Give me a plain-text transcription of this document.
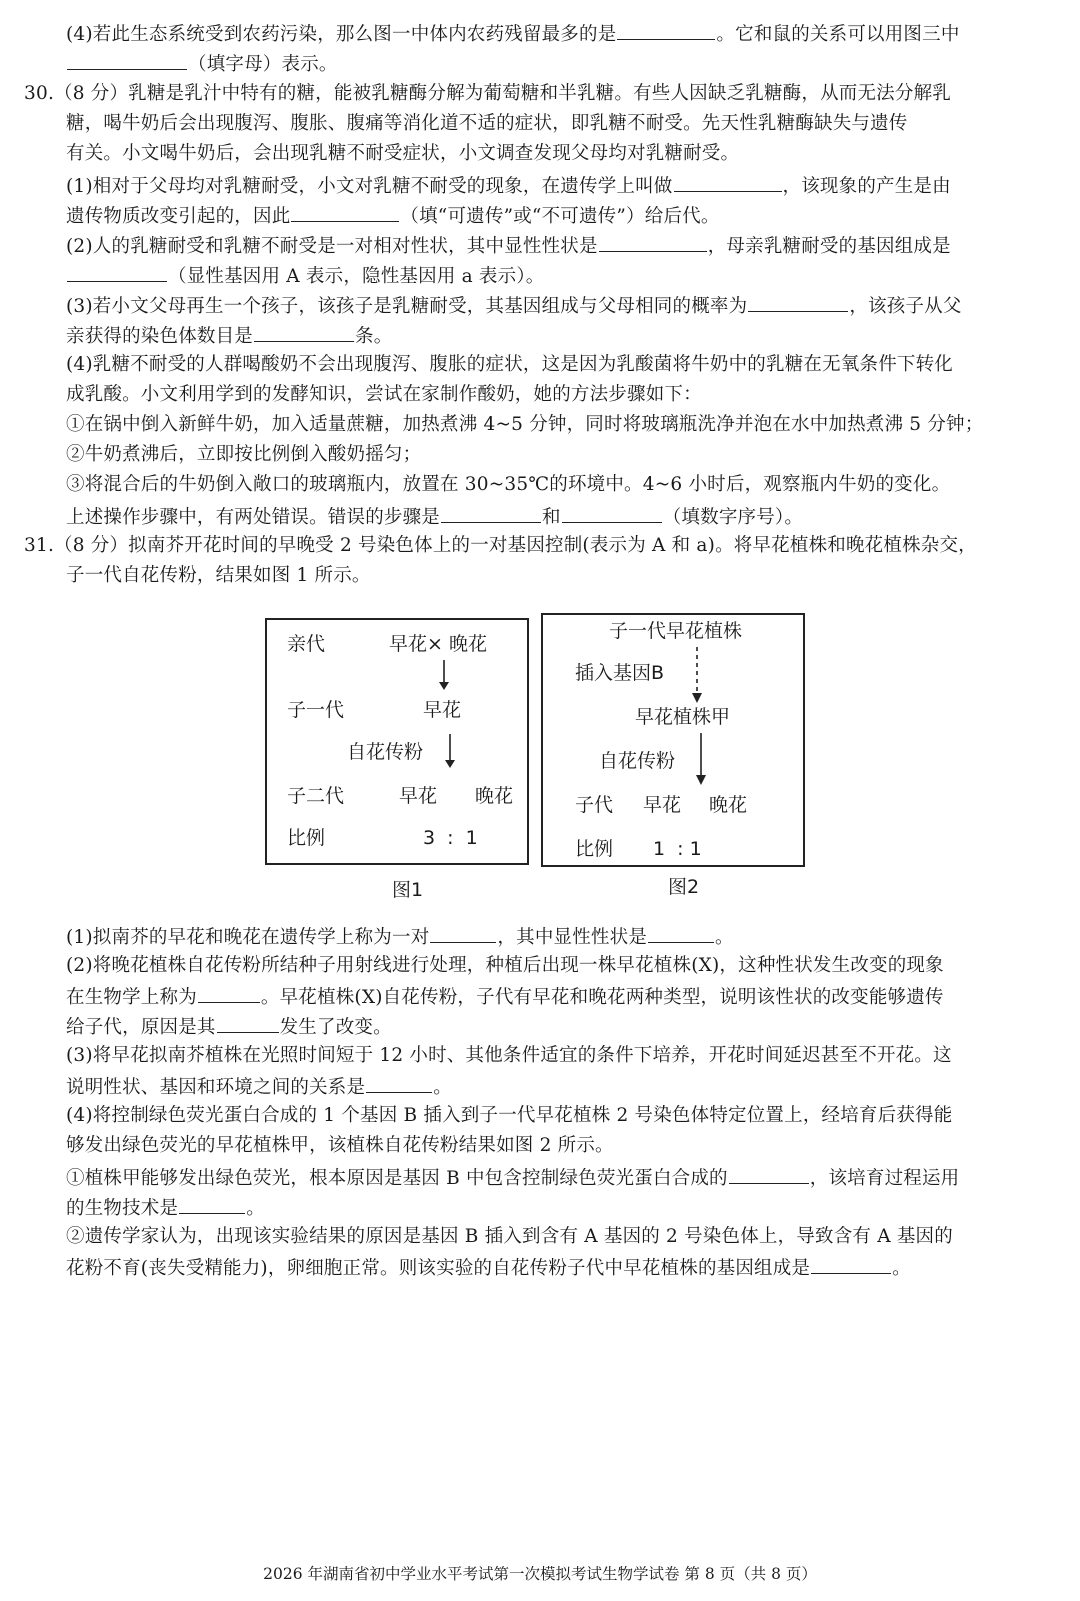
(4)若此生态系统受到农药污染，那么图一中体内农药残留最多的是	。它和鼠的关系可以用图三中
（填字母）表示。
30.（8 分）乳糖是乳汁中特有的糖，能被乳糖酶分解为葡萄糖和半乳糖。有些人因缺乏乳糖酶，从而无法分解乳
糖，喝牛奶后会出现腹泻、腹胀、腹痛等消化道不适的症状，即乳糖不耐受。先天性乳糖酶缺失与遗传
有关。小文喝牛奶后，会出现乳糖不耐受症状，小文调查发现父母均对乳糖耐受。
(1)相对于父母均对乳糖耐受，小文对乳糖不耐受的现象，在遗传学上叫做	，该现象的产生是由
遗传物质改变引起的，因此	（填“可遗传”或“不可遗传”）给后代。
(2)人的乳糖耐受和乳糖不耐受是一对相对性状，其中显性性状是	，母亲乳糖耐受的基因组成是
（显性基因用 A 表示，隐性基因用 a 表示）。
(3)若小文父母再生一个孩子，该孩子是乳糖耐受，其基因组成与父母相同的概率为	，该孩子从父
亲获得的染色体数目是	条。
(4)乳糖不耐受的人群喝酸奶不会出现腹泻、腹胀的症状，这是因为乳酸菌将牛奶中的乳糖在无氧条件下转化
成乳酸。小文利用学到的发酵知识，尝试在家制作酸奶，她的方法步骤如下：
①在锅中倒入新鲜牛奶，加入适量蔗糖，加热煮沸 4~5 分钟，同时将玻璃瓶洗净并泡在水中加热煮沸 5 分钟；
②牛奶煮沸后，立即按比例倒入酸奶摇匀；
③将混合后的牛奶倒入敞口的玻璃瓶内，放置在 30~35℃的环境中。4~6 小时后，观察瓶内牛奶的变化。
上述操作步骤中，有两处错误。错误的步骤是	和	（填数字序号）。
31.（8 分）拟南芥开花时间的早晚受 2 号染色体上的一对基因控制(表示为 A 和 a)。将早花植株和晚花植株杂交，
子一代自花传粉，结果如图 1 所示。
亲代	早花× 晚花
子一代	早花
自花传粉
子二代	早花 晚花
比例	3  :  1
图1
子一代早花植株
插入基因B
早花植株甲
自花传粉
子代 早花 晚花
比例 1  : 1
图2
(1)拟南芥的早花和晚花在遗传学上称为一对	，其中显性性状是	。
(2)将晚花植株自花传粉所结种子用射线进行处理，种植后出现一株早花植株(X)，这种性状发生改变的现象
在生物学上称为	。早花植株(X)自花传粉，子代有早花和晚花两种类型，说明该性状的改变能够遗传
给子代，原因是其	发生了改变。
(3)将早花拟南芥植株在光照时间短于 12 小时、其他条件适宜的条件下培养，开花时间延迟甚至不开花。这
说明性状、基因和环境之间的关系是	。
(4)将控制绿色荧光蛋白合成的 1 个基因 B 插入到子一代早花植株 2 号染色体特定位置上，经培育后获得能
够发出绿色荧光的早花植株甲，该植株自花传粉结果如图 2 所示。
①植株甲能够发出绿色荧光，根本原因是基因 B 中包含控制绿色荧光蛋白合成的	，该培育过程运用
的生物技术是	。
②遗传学家认为，出现该实验结果的原因是基因 B 插入到含有 A 基因的 2 号染色体上，导致含有 A 基因的
花粉不育(丧失受精能力)，卵细胞正常。则该实验的自花传粉子代中早花植株的基因组成是	。
2026 年湖南省初中学业水平考试第一次模拟考试生物学试卷 第 8 页（共 8 页）
